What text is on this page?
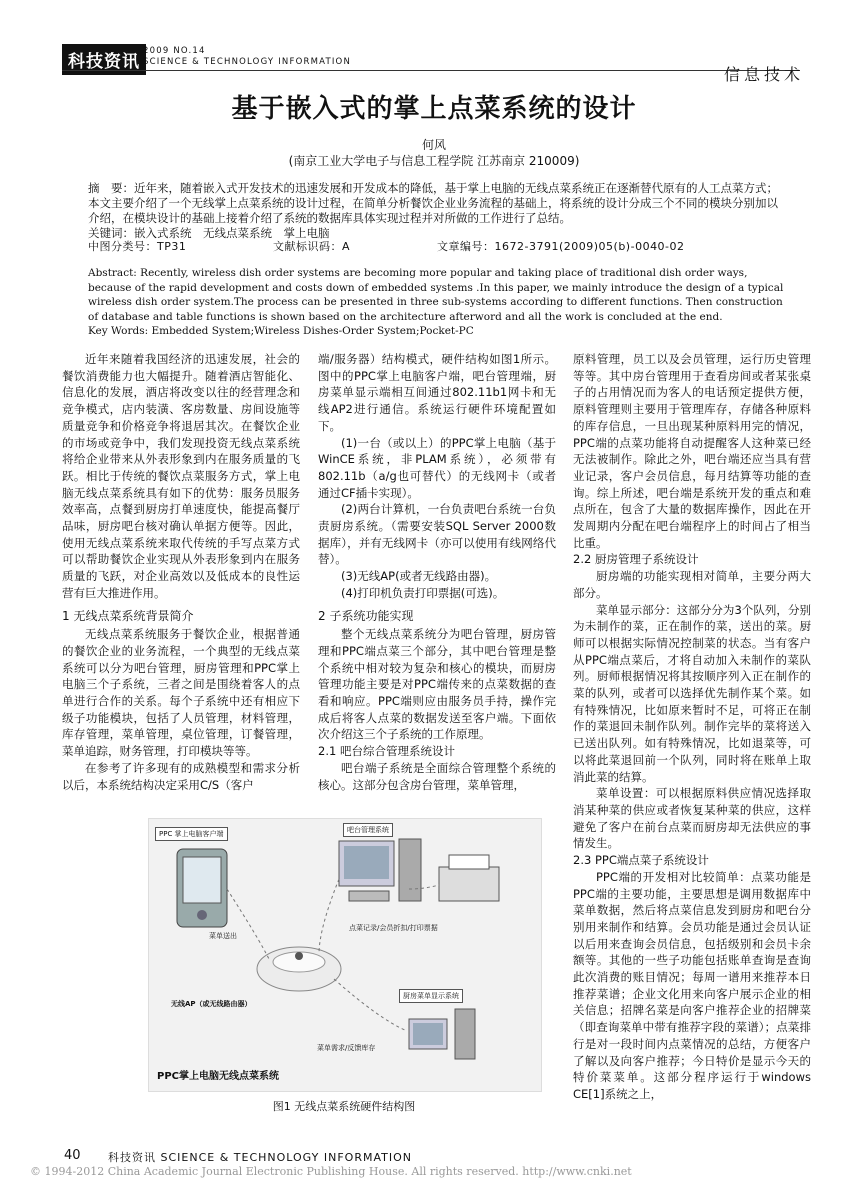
科技资讯
2009 NO.14
SCIENCE & TECHNOLOGY INFORMATION
信息技术
基于嵌入式的掌上点菜系统的设计
何风
(南京工业大学电子与信息工程学院 江苏南京 210009)
摘　要：近年来，随着嵌入式开发技术的迅速发展和开发成本的降低，基于掌上电脑的无线点菜系统正在逐渐替代原有的人工点菜方式；本文主要介绍了一个无线掌上点菜系统的设计过程，在简单分析餐饮企业业务流程的基础上，将系统的设计分成三个不同的模块分别加以介绍，在模块设计的基础上接着介绍了系统的数据库具体实现过程并对所做的工作进行了总结。
关键词：嵌入式系统　无线点菜系统　掌上电脑
中图分类号：TP31	文献标识码：A	文章编号：1672-3791(2009)05(b)-0040-02
Abstract: Recently, wireless dish order systems are becoming more popular and taking place of traditional dish order ways, because of the rapid development and costs down of embedded systems .In this paper, we mainly introduce the design of a typical wireless dish order system.The process can be presented in three sub-systems according to different functions. Then construction of database and table functions is shown based on the architecture afterword and all the work is concluded at the end.
Key Words: Embedded System;Wireless Dishes-Order System;Pocket-PC

近年来随着我国经济的迅速发展，社会的餐饮消费能力也大幅提升。随着酒店智能化、信息化的发展，酒店将改变以往的经营理念和竞争模式，店内装潢、客房数量、房间设施等质量竞争和价格竞争将退居其次。在餐饮企业的市场或竞争中，我们发现投资无线点菜系统将给企业带来从外表形象到内在服务质量的飞跃。相比于传统的餐饮点菜服务方式，掌上电脑无线点菜系统具有如下的优势：服务员服务效率高，点餐到厨房打单速度快，能提高餐厅品味，厨房吧台核对确认单据方便等。因此，使用无线点菜系统来取代传统的手写点菜方式可以帮助餐饮企业实现从外表形象到内在服务质量的飞跃，对企业高效以及低成本的良性运营有巨大推进作用。

1 无线点菜系统背景简介

无线点菜系统服务于餐饮企业，根据普通的餐饮企业的业务流程，一个典型的无线点菜系统可以分为吧台管理，厨房管理和PPC掌上电脑三个子系统，三者之间是围绕着客人的点单进行合作的关系。每个子系统中还有相应下级子功能模块，包括了人员管理，材料管理，库存管理，菜单管理，桌位管理，订餐管理，菜单追踪，财务管理，打印模块等等。

在参考了许多现有的成熟模型和需求分析以后，本系统结构决定采用C/S（客户

端/服务器）结构模式，硬件结构如图1所示。图中的PPC掌上电脑客户端，吧台管理端，厨房菜单显示端相互间通过802.11b1网卡和无线AP2进行通信。系统运行硬件环境配置如下。

(1)一台（或以上）的PPC掌上电脑（基于WinCE系统，非PLAM系统），必须带有802.11b（a/g也可替代）的无线网卡（或者通过CF插卡实现）。

(2)两台计算机，一台负责吧台系统一台负责厨房系统。（需要安装SQL Server 2000数据库），并有无线网卡（亦可以使用有线网络代替）。

(3)无线AP(或者无线路由器)。

(4)打印机负责打印票据(可选)。

2 子系统功能实现

整个无线点菜系统分为吧台管理，厨房管理和PPC端点菜三个部分，其中吧台管理是整个系统中相对较为复杂和核心的模块，而厨房管理功能主要是对PPC端传来的点菜数据的查看和响应。PPC端则应由服务员手持，操作完成后将客人点菜的数据发送至客户端。下面依次介绍这三个子系统的工作原理。

2.1 吧台综合管理系统设计

吧台端子系统是全面综合管理整个系统的核心。这部分包含房台管理，菜单管理，

原料管理，员工以及会员管理，运行历史管理等等。其中房台管理用于查看房间或者某张桌子的占用情况而为客人的电话预定提供方便，原料管理则主要用于管理库存，存储各种原料的库存信息，一旦出现某种原料用完的情况，PPC端的点菜功能将自动提醒客人这种菜已经无法被制作。除此之外，吧台端还应当具有营业记录，客户会员信息，每月结算等功能的查询。综上所述，吧台端是系统开发的重点和难点所在，包含了大量的数据库操作，因此在开发周期内分配在吧台端程序上的时间占了相当比重。

2.2 厨房管理子系统设计

厨房端的功能实现相对简单，主要分两大部分。

菜单显示部分：这部分分为3个队列，分别为未制作的菜，正在制作的菜，送出的菜。厨师可以根据实际情况控制菜的状态。当有客户从PPC端点菜后，才将自动加入未制作的菜队列。厨师根据情况将其按顺序列入正在制作的菜的队列，或者可以选择优先制作某个菜。如有特殊情况，比如原来暂时不足，可将正在制作的菜退回未制作队列。制作完毕的菜将送入已送出队列。如有特殊情况，比如退菜等，可以将此菜退回前一个队列，同时将在账单上取消此菜的结算。

菜单设置：可以根据原料供应情况选择取消某种菜的供应或者恢复某种菜的供应，这样避免了客户在前台点菜而厨房却无法供应的事情发生。

2.3 PPC端点菜子系统设计

PPC端的开发相对比较简单：点菜功能是PPC端的主要功能，主要思想是调用数据库中菜单数据，然后将点菜信息发到厨房和吧台分别用来制作和结算。会员功能是通过会员认证以后用来查询会员信息，包括级别和会员卡余额等。其他的一些子功能包括账单查询是查询此次消费的账目情况；每周一谱用来推荐本日推荐菜谱；企业文化用来向客户展示企业的相关信息；招牌名菜是向客户推荐企业的招牌菜（即查询菜单中带有推荐字段的菜谱）；点菜排行是对一段时间内点菜情况的总结，方便客户了解以及向客户推荐；今日特价是显示今天的特价菜菜单。这部分程序运行于windows CE[1]系统之上，

PPC 掌上电脑客户端	吧台管理系统
菜单送出
点菜记录/会员折扣/打印票据
无线AP（或无线路由器）
厨房菜单显示系统
菜单需求/反馈库存
PPC掌上电脑无线点菜系统
图1 无线点菜系统硬件结构图
40 科技资讯 SCIENCE & TECHNOLOGY INFORMATION
© 1994-2012 China Academic Journal Electronic Publishing House. All rights reserved. http://www.cnki.net
